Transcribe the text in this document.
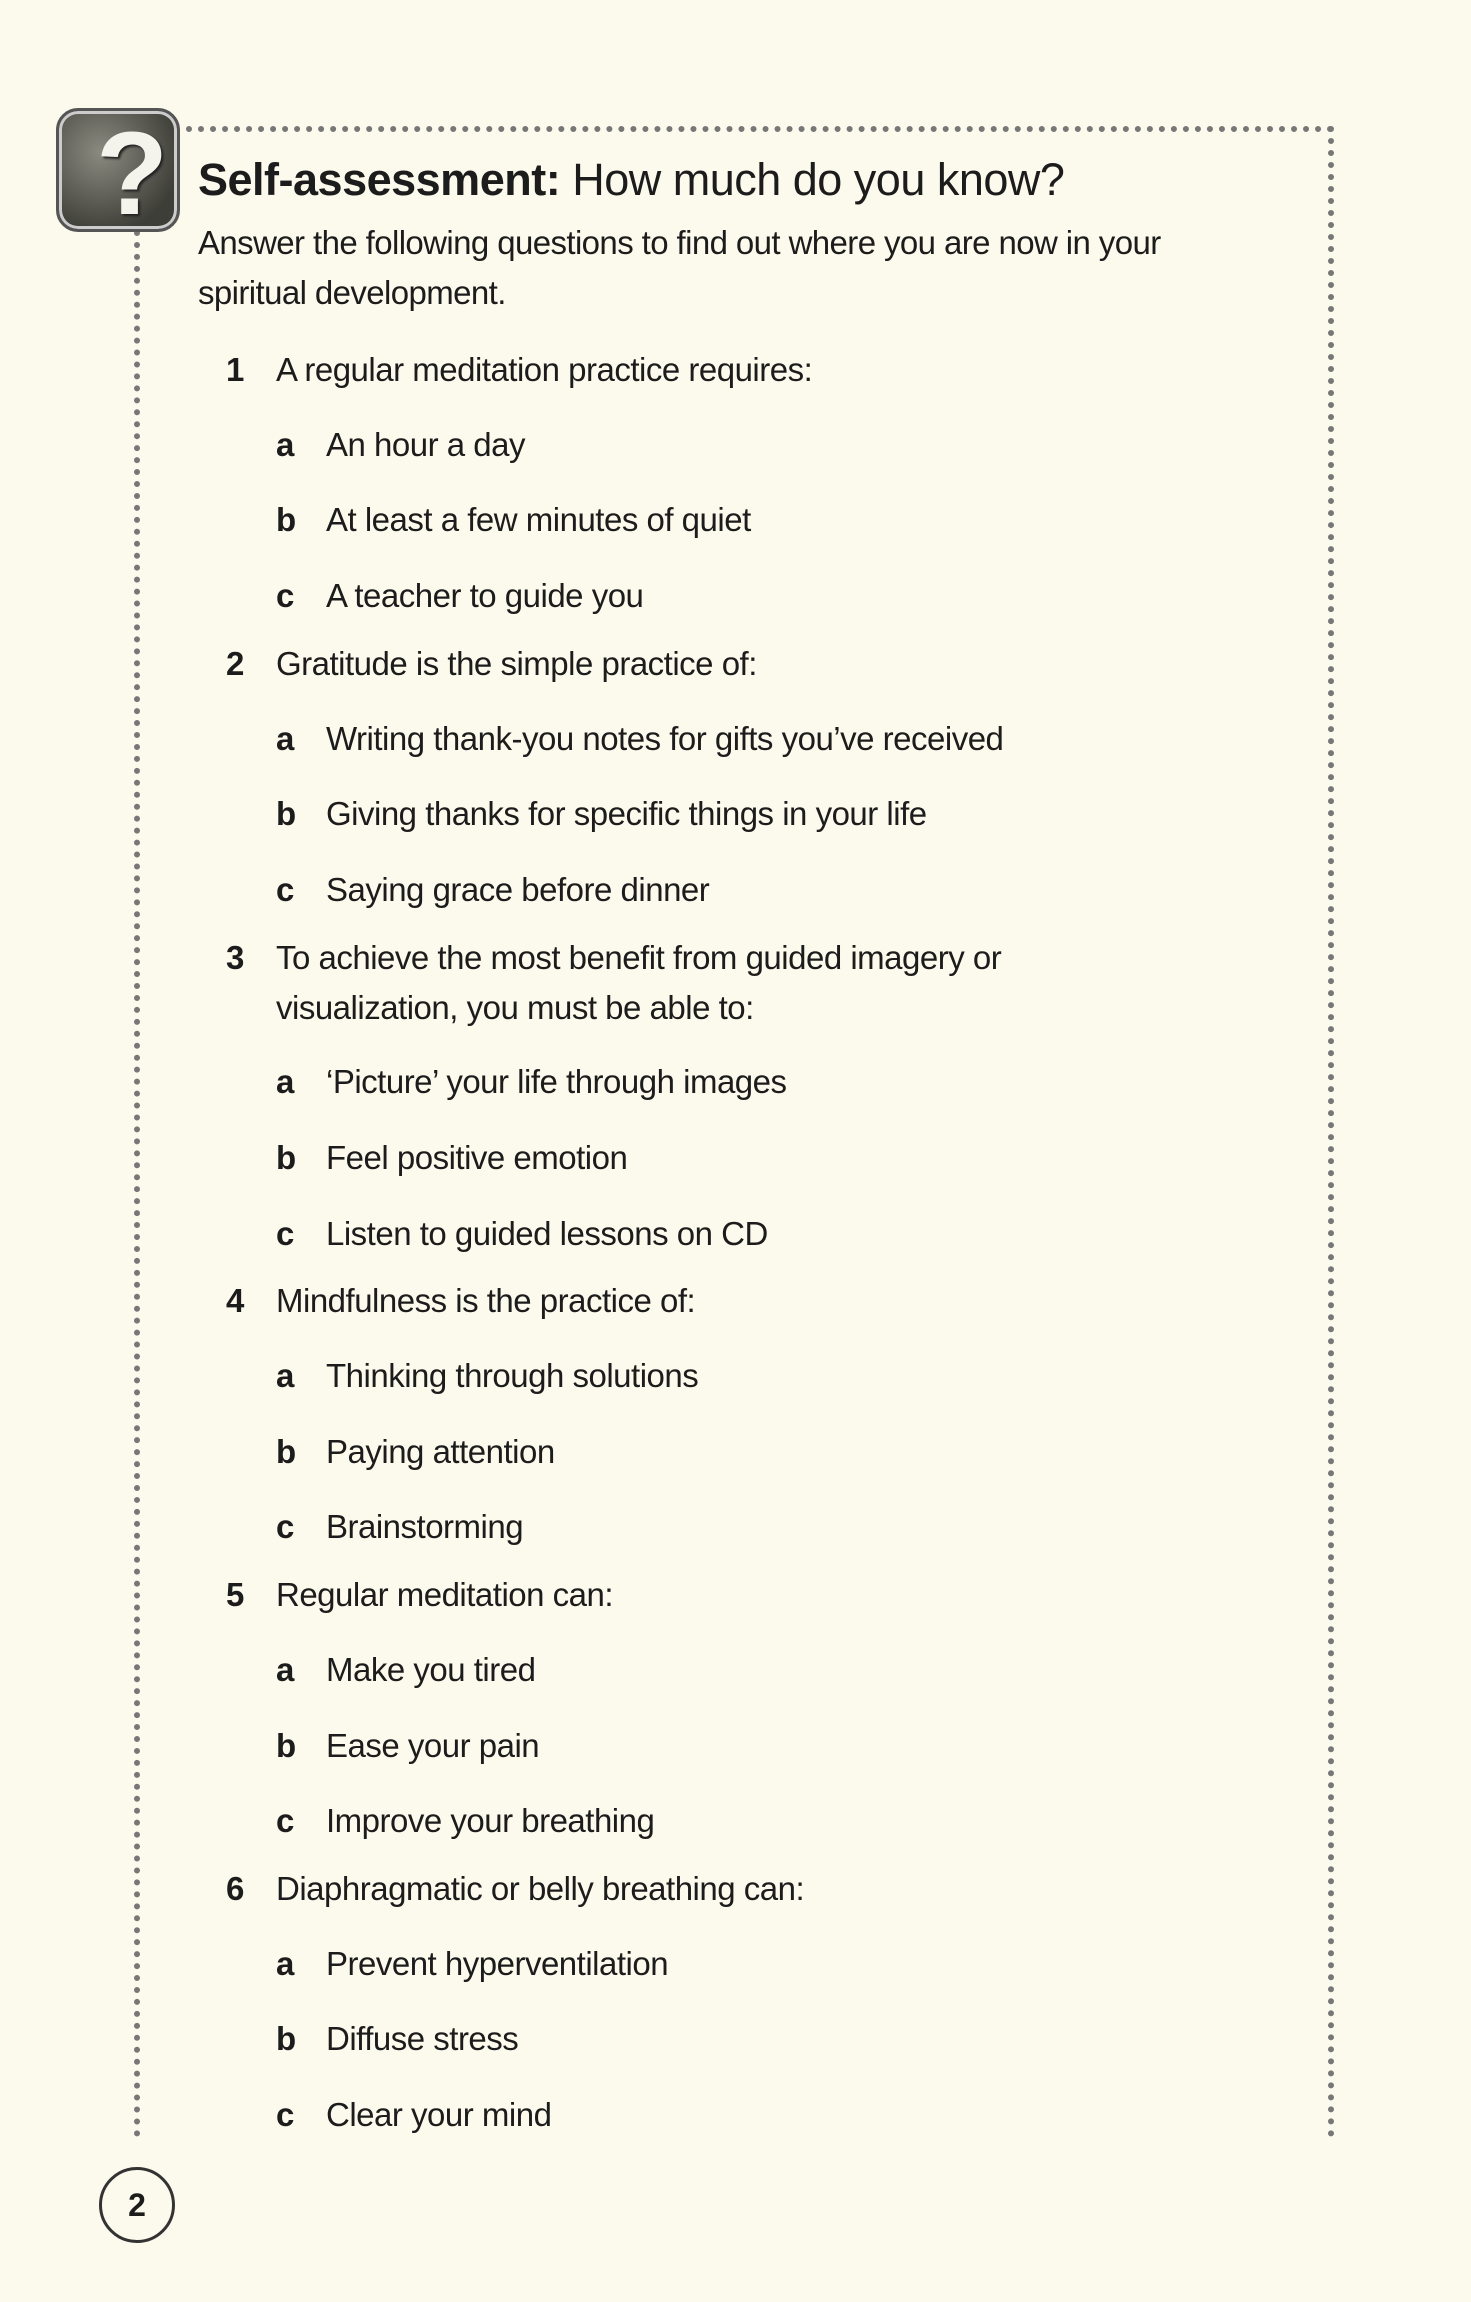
? Self-assessment: How much do you know?
Answer the following questions to find out where you are now in your
spiritual development.
1 A regular meditation practice requires:
a An hour a day
b At least a few minutes of quiet
c A teacher to guide you
2 Gratitude is the simple practice of:
a Writing thank-you notes for gifts you’ve received
b Giving thanks for specific things in your life
c Saying grace before dinner
3 To achieve the most benefit from guided imagery or
visualization, you must be able to:
a ‘Picture’ your life through images
b Feel positive emotion
c Listen to guided lessons on CD
4 Mindfulness is the practice of:
a Thinking through solutions
b Paying attention
c Brainstorming
5 Regular meditation can:
a Make you tired
b Ease your pain
c Improve your breathing
6 Diaphragmatic or belly breathing can:
a Prevent hyperventilation
b Diffuse stress
c Clear your mind
2
